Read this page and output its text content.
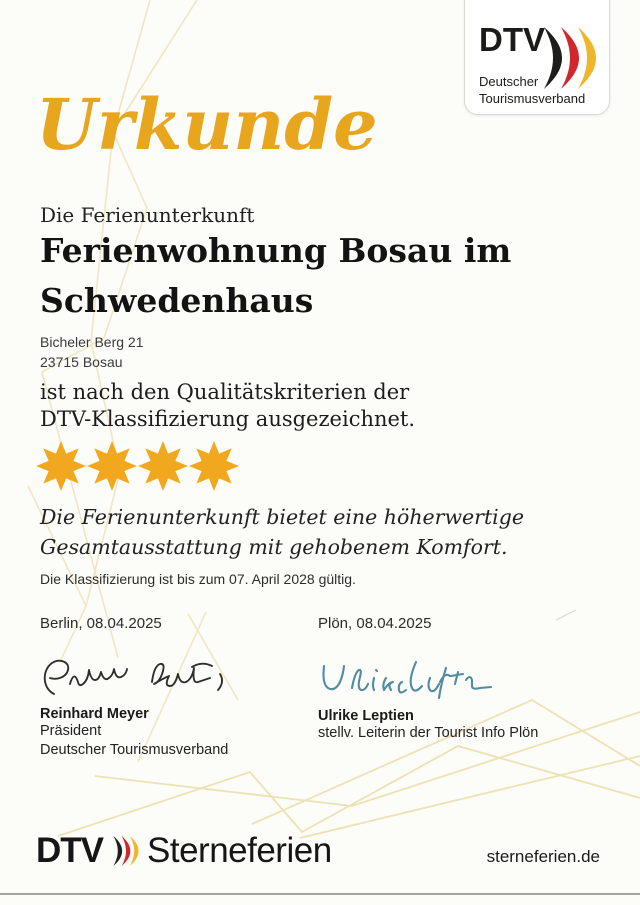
DTV
Deutscher
Tourismusverband
Urkunde
Die Ferienunterkunft
Ferienwohnung Bosau im Schwedenhaus
Bicheler Berg 21
23715 Bosau
ist nach den Qualitätskriterien der
DTV-Klassifizierung ausgezeichnet.
Die Ferienunterkunft bietet eine höherwertige
Gesamtausstattung mit gehobenem Komfort.
Die Klassifizierung ist bis zum 07. April 2028 gültig.
Berlin, 08.04.2025
Reinhard Meyer
Präsident
Deutscher Tourismusverband
Plön, 08.04.2025
Ulrike Leptien
stellv. Leiterin der Tourist Info Plön
DTV Sterneferien	sterneferien.de
